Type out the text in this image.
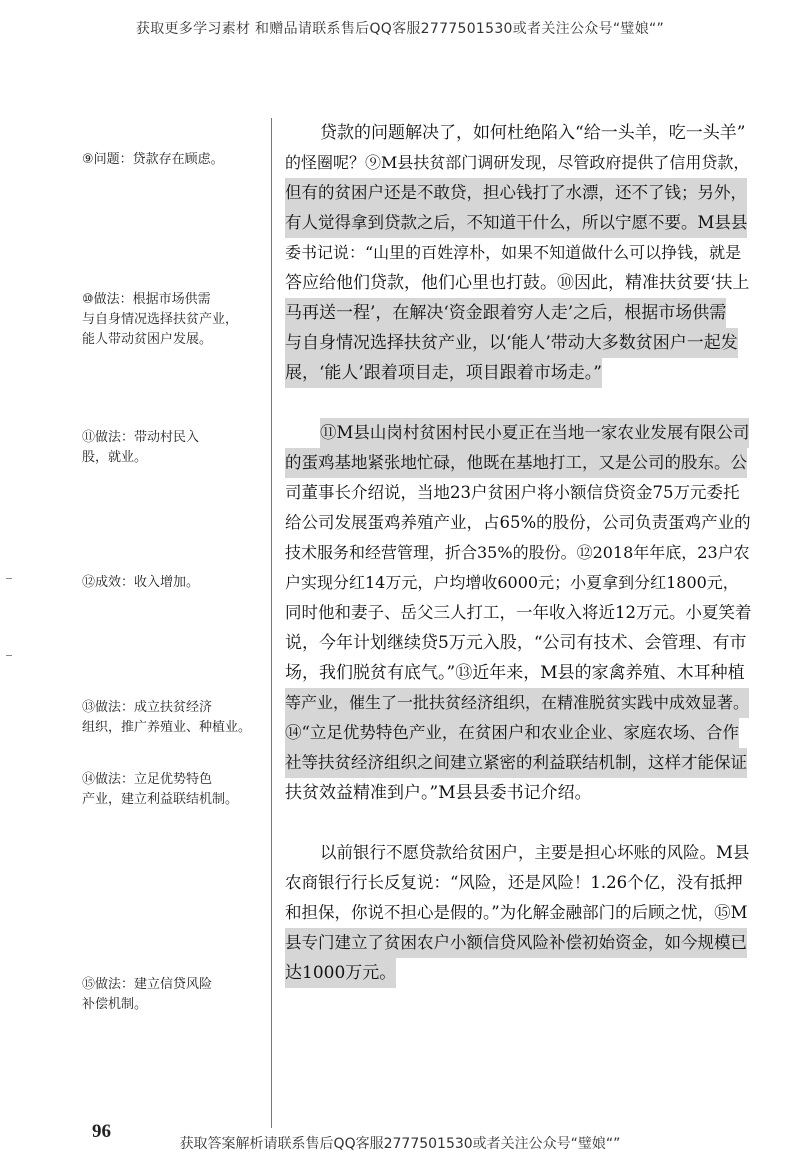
获取更多学习素材 和赠品请联系售后QQ客服2777501530或者关注公众号“璧娘“”
⑨问题：贷款存在顾虑。
⑩做法：根据市场供需
与自身情况选择扶贫产业，
能人带动贫困户发展。
⑪做法：带动村民入
股，就业。
⑫成效：收入增加。
⑬做法：成立扶贫经济
组织，推广养殖业、种植业。
⑭做法：立足优势特色
产业，建立利益联结机制。
⑮做法：建立信贷风险
补偿机制。
贷款的问题解决了，如何杜绝陷入“给一头羊，吃一头羊”
的怪圈呢？⑨M县扶贫部门调研发现，尽管政府提供了信用贷款，
但有的贫困户还是不敢贷，担心钱打了水漂，还不了钱；另外，
有人觉得拿到贷款之后，不知道干什么，所以宁愿不要。M县县
委书记说：“山里的百姓淳朴，如果不知道做什么可以挣钱，就是
答应给他们贷款，他们心里也打鼓。⑩因此，精准扶贫要‘扶上
马再送一程’，在解决‘资金跟着穷人走’之后，根据市场供需
与自身情况选择扶贫产业，以‘能人’带动大多数贫困户一起发
展，‘能人’跟着项目走，项目跟着市场走。”
⑪M县山岗村贫困村民小夏正在当地一家农业发展有限公司
的蛋鸡基地紧张地忙碌，他既在基地打工，又是公司的股东。公
司董事长介绍说，当地23户贫困户将小额信贷资金75万元委托
给公司发展蛋鸡养殖产业，占65%的股份，公司负责蛋鸡产业的
技术服务和经营管理，折合35%的股份。⑫2018年年底，23户农
户实现分红14万元，户均增收6000元；小夏拿到分红1800元，
同时他和妻子、岳父三人打工，一年收入将近12万元。小夏笑着
说，今年计划继续贷5万元入股，“公司有技术、会管理、有市
场，我们脱贫有底气。”⑬近年来，M县的家禽养殖、木耳种植
等产业，催生了一批扶贫经济组织，在精准脱贫实践中成效显著。
⑭“立足优势特色产业，在贫困户和农业企业、家庭农场、合作
社等扶贫经济组织之间建立紧密的利益联结机制，这样才能保证
扶贫效益精准到户。”M县县委书记介绍。
以前银行不愿贷款给贫困户，主要是担心坏账的风险。M县
农商银行行长反复说：“风险，还是风险！1.26个亿，没有抵押
和担保，你说不担心是假的。”为化解金融部门的后顾之忧，⑮M
县专门建立了贫困农户小额信贷风险补偿初始资金，如今规模已
达1000万元。
96
获取答案解析请联系售后QQ客服2777501530或者关注公众号“璧娘“”
